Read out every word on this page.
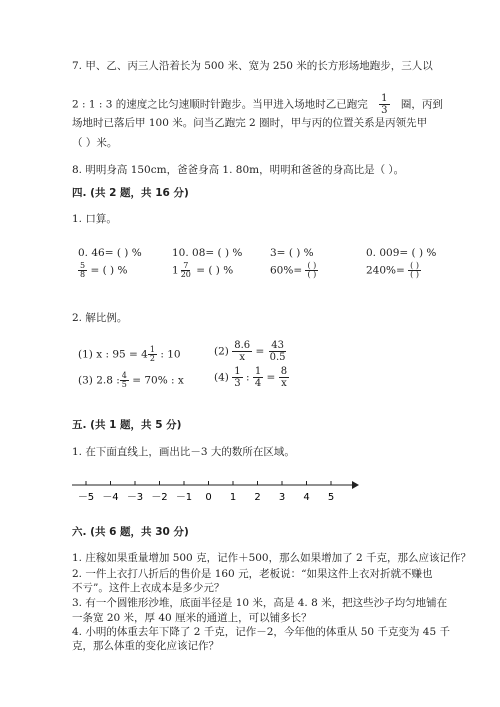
7. 甲、乙、丙三人沿着长为 500 米、宽为 250 米的长方形场地跑步，三人以
2 : 1 : 3 的速度之比匀速顺时针跑步。当甲进入场地时乙已跑完 $\frac{1}{3}$ 圈，丙到
场地时已落后甲 100 米。问当乙跑完 2 圈时，甲与丙的位置关系是丙领先甲
（ ）米。
8. 明明身高 150cm，爸爸身高 1. 80m，明明和爸爸的身高比是（ ）。
四. (共 2 题，共 16 分)
1. 口算。
0. 46= ( ) %	10. 08= ( ) %	3= ( ) %	0. 009= ( ) %
$\frac{5}{8}$ = ( ) %	$1 \frac{7}{20}$ = ( ) %	$60\%= \frac{( )}{( )}$	$240\%= \frac{( )}{( )}$
2. 解比例。
(1) x : $95 = 4 \frac{1}{2}$ : 10	$(2) \frac{8.6}{x} = \frac{43}{0.5}$
(3) 2.8 : $\frac{4}{5} = 70\%$ : x	$(4) \frac{1}{3}$ : $\frac{1}{4} = \frac{8}{x}$
五. (共 1 题，共 5 分)
1. 在下面直线上，画出比－3 大的数所在区域。
－5 －4 －3 －2 －1 0 1 2 3 4 5
六. (共 6 题，共 30 分)
1. 庄稼如果重量增加 500 克，记作＋500，那么如果增加了 2 千克，那么应该记作？
2. 一件上衣打八折后的售价是 160 元，老板说：“如果这件上衣对折就不赚也
不亏”。这件上衣成本是多少元？
3. 有一个圆锥形沙堆，底面半径是 10 米，高是 4. 8 米，把这些沙子均匀地铺在
一条宽 20 米，厚 40 厘米的通道上，可以铺多长？
4. 小明的体重去年下降了 2 千克，记作－2，今年他的体重从 50 千克变为 45 千
克，那么体重的变化应该记作？
